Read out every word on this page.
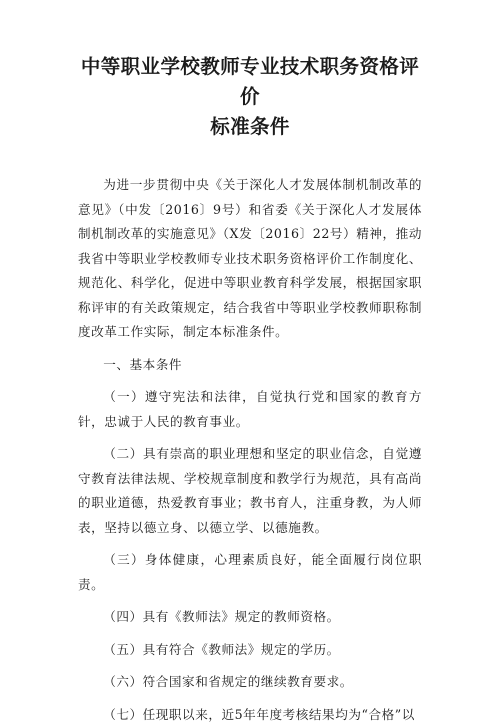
中等职业学校教师专业技术职务资格评价
标准条件

为进一步贯彻中央《关于深化人才发展体制机制改革的意见》（中发〔2016〕9号）和省委《关于深化人才发展体制机制改革的实施意见》（X发〔2016〕22号）精神，推动我省中等职业学校教师专业技术职务资格评价工作制度化、规范化、科学化，促进中等职业教育科学发展，根据国家职称评审的有关政策规定，结合我省中等职业学校教师职称制度改革工作实际，制定本标准条件。

一、基本条件

（一）遵守宪法和法律，自觉执行党和国家的教育方针，忠诚于人民的教育事业。

（二）具有崇高的职业理想和坚定的职业信念，自觉遵守教育法律法规、学校规章制度和教学行为规范，具有高尚的职业道德，热爱教育事业；教书育人，注重身教，为人师表，坚持以德立身、以德立学、以德施教。

（三）身体健康，心理素质良好，能全面履行岗位职责。

（四）具有《教师法》规定的教师资格。

（五）具有符合《教师法》规定的学历。

（六）符合国家和省规定的继续教育要求。

（七）任现职以来，近5年年度考核结果均为“合格”以
